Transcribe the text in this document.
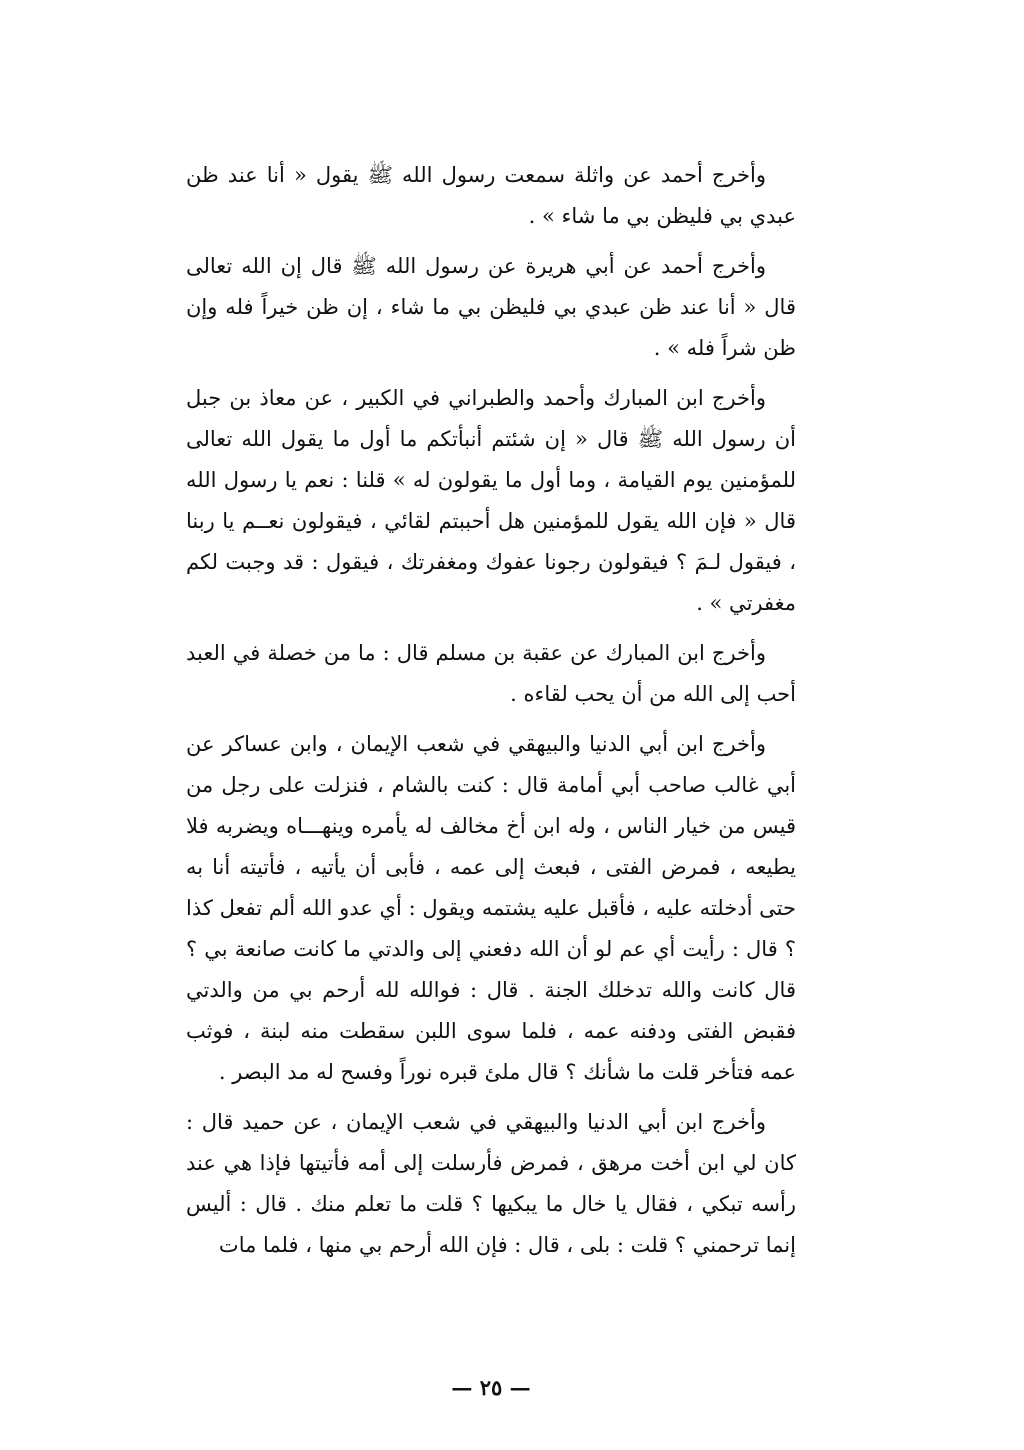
وأخرج أحمد عن واثلة سمعت رسول الله ﷺ يقول « أنا عند ظن عبدي بي فليظن بي ما شاء » .

وأخرج أحمد عن أبي هريرة عن رسول الله ﷺ قال إن الله تعالى قال « أنا عند ظن عبدي بي فليظن بي ما شاء ، إن ظن خيراً فله وإن ظن شراً فله » .

وأخرج ابن المبارك وأحمد والطبراني في الكبير ، عن معاذ بن جبل أن رسول الله ﷺ قال « إن شئتم أنبأتكم ما أول ما يقول الله تعالى للمؤمنين يوم القيامة ، وما أول ما يقولون له » قلنا : نعم يا رسول الله قال « فإن الله يقول للمؤمنين هل أحببتم لقائي ، فيقولون نعــم يا ربنا ، فيقول لـمَ ؟ فيقولون رجونا عفوك ومغفرتك ، فيقول : قد وجبت لكم مغفرتي » .

وأخرج ابن المبارك عن عقبة بن مسلم قال : ما من خصلة في العبد أحب إلى الله من أن يحب لقاءه .

وأخرج ابن أبي الدنيا والبيهقي في شعب الإيمان ، وابن عساكر عن أبي غالب صاحب أبي أمامة قال : كنت بالشام ، فنزلت على رجل من قيس من خيار الناس ، وله ابن أخ مخالف له يأمره وينهـــاه ويضربه فلا يطيعه ، فمرض الفتى ، فبعث إلى عمه ، فأبى أن يأتيه ، فأتيته أنا به حتى أدخلته عليه ، فأقبل عليه يشتمه ويقول : أي عدو الله ألم تفعل كذا ؟ قال : رأيت أي عم لو أن الله دفعني إلى والدتي ما كانت صانعة بي ؟ قال كانت والله تدخلك الجنة . قال : فوالله لله أرحم بي من والدتي فقبض الفتى ودفنه عمه ، فلما سوى اللبن سقطت منه لبنة ، فوثب عمه فتأخر قلت ما شأنك ؟ قال ملئ قبره نوراً وفسح له مد البصر .

وأخرج ابن أبي الدنيا والبيهقي في شعب الإيمان ، عن حميد قال : كان لي ابن أخت مرهق ، فمرض فأرسلت إلى أمه فأتيتها فإذا هي عند رأسه تبكي ، فقال يا خال ما يبكيها ؟ قلت ما تعلم منك . قال : أليس إنما ترحمني ؟ قلت : بلى ، قال : فإن الله أرحم بي منها ، فلما مات

— ٢٥ —
